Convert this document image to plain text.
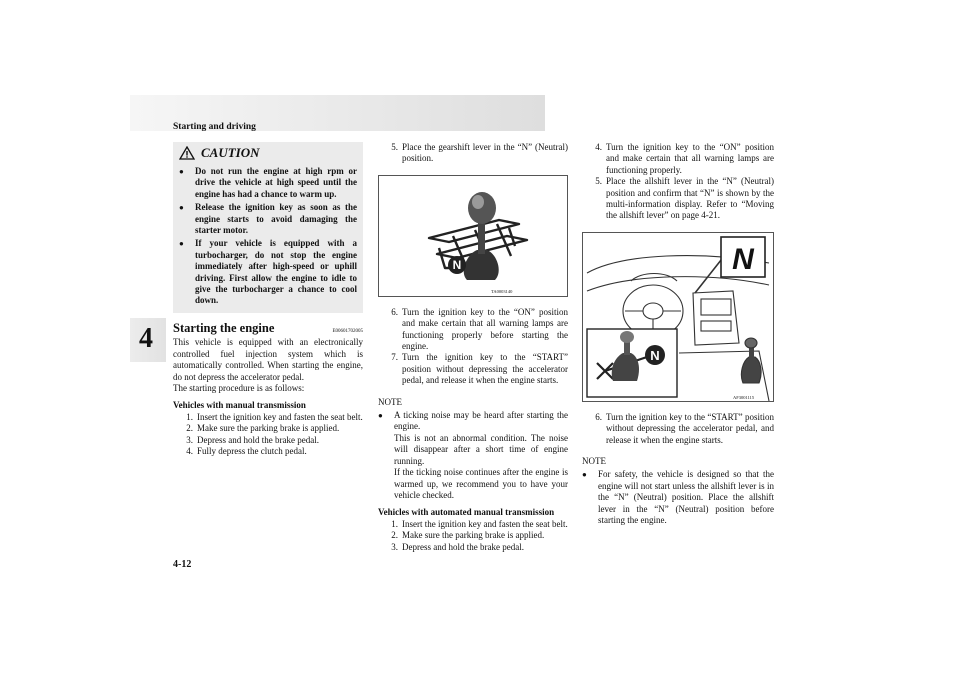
Starting and driving
4
4-12
CAUTION
●	Do not run the engine at high rpm or drive the vehicle at high speed until the engine has had a chance to warm up.
●	Release the ignition key as soon as the engine starts to avoid damaging the starter motor.
●	If your vehicle is equipped with a turbocharger, do not stop the engine immediately after high-speed or uphill driving. First allow the engine to idle to give the turbocharger a chance to cool down.
Starting the engine	E00601702005

This vehicle is equipped with an electronically controlled fuel injection system which is automatically controlled. When starting the engine, do not depress the accelerator pedal.

The starting procedure is as follows:

Vehicles with manual transmission

1. Insert the ignition key and fasten the seat belt.
2. Make sure the parking brake is applied.
3. Depress and hold the brake pedal.
4. Fully depress the clutch pedal.
5. Place the gearshift lever in the “N” (Neutral) position.
N
TA0003140
6. Turn the ignition key to the “ON” position and make certain that all warning lamps are functioning properly before starting the engine.
7. Turn the ignition key to the “START” position without depressing the accelerator pedal, and release it when the engine starts.

NOTE

●	A ticking noise may be heard after starting the engine.

This is not an abnormal condition. The noise will disappear after a short time of engine running.

If the ticking noise continues after the engine is warmed up, we recommend you to have your vehicle checked.

Vehicles with automated manual transmission

1. Insert the ignition key and fasten the seat belt.
2. Make sure the parking brake is applied.
3. Depress and hold the brake pedal.
4. Turn the ignition key to the “ON” position and make certain that all warning lamps are functioning properly.
5. Place the allshift lever in the “N” (Neutral) position and confirm that “N” is shown by the multi-information display. Refer to “Moving the allshift lever” on page 4-21.
N
N
AF3001115
6. Turn the ignition key to the “START” position without depressing the accelerator pedal, and release it when the engine starts.

NOTE

●	For safety, the vehicle is designed so that the engine will not start unless the allshift lever is in the “N” (Neutral) position. Place the allshift lever in the “N” (Neutral) position before starting the engine.
